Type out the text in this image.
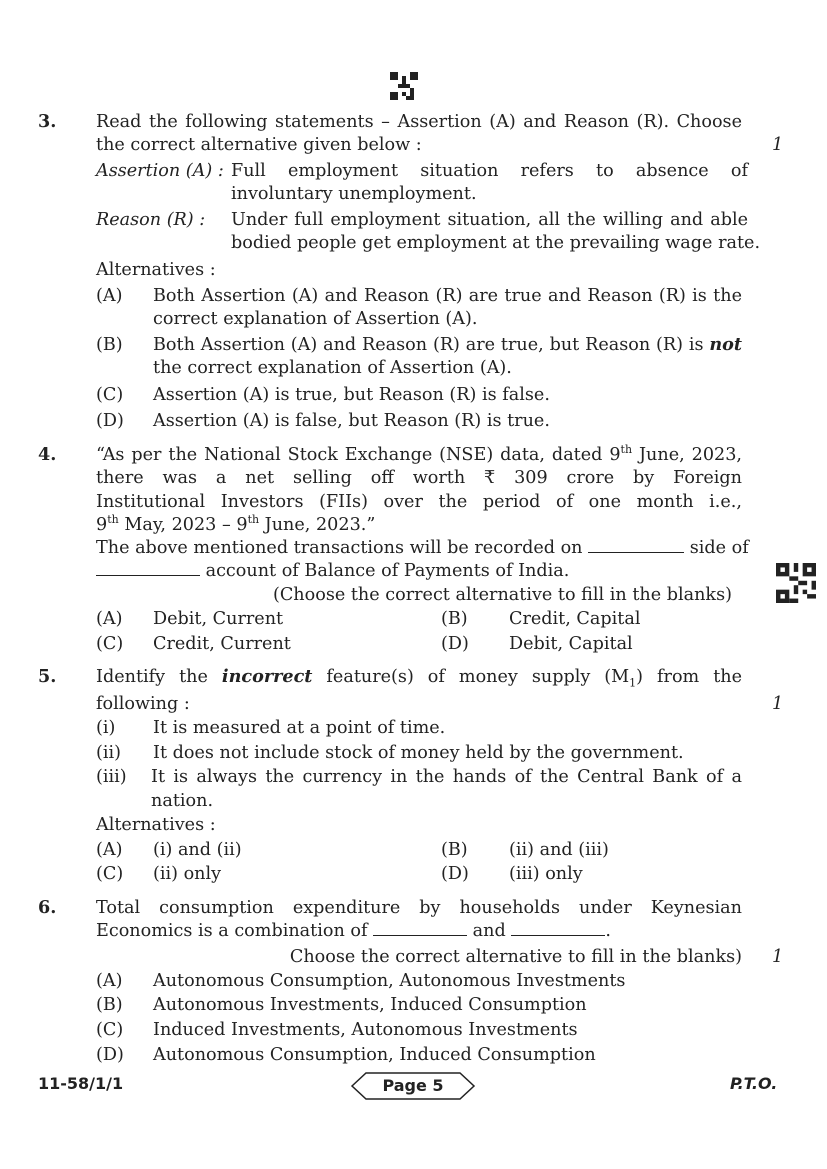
3. Read the following statements – Assertion (A) and Reason (R). Choose
the correct alternative given below :	1
Assertion (A) : Full employment situation refers to absence of
involuntary unemployment.
Reason (R) : Under full employment situation, all the willing and able
bodied people get employment at the prevailing wage rate.
Alternatives :
(A) Both Assertion (A) and Reason (R) are true and Reason (R) is the
correct explanation of Assertion (A).
(B) Both Assertion (A) and Reason (R) are true, but Reason (R) is not
the correct explanation of Assertion (A).
(C) Assertion (A) is true, but Reason (R) is false.
(D) Assertion (A) is false, but Reason (R) is true.
4. “As per the National Stock Exchange (NSE) data, dated 9th June, 2023,
there was a net selling off worth ₹ 309 crore by Foreign
Institutional Investors (FIIs) over the period of one month i.e.,
9th May, 2023 – 9th June, 2023.”
The above mentioned transactions will be recorded on	side of
account of Balance of Payments of India.
(Choose the correct alternative to fill in the blanks)
(A) Debit, Current	(B) Credit, Capital
(C) Credit, Current	(D) Debit, Capital
5. Identify the incorrect feature(s) of money supply $(M_1)$ from the
following :	1
(i) It is measured at a point of time.
(ii) It does not include stock of money held by the government.
(iii) It is always the currency in the hands of the Central Bank of a
nation.
Alternatives :
(A) (i) and (ii)	(B) (ii) and (iii)
(C) (ii) only	(D) (iii) only
6. Total consumption expenditure by households under Keynesian
Economics is a combination of	and	.
Choose the correct alternative to fill in the blanks) 1
(A) Autonomous Consumption, Autonomous Investments
(B) Autonomous Investments, Induced Consumption
(C) Induced Investments, Autonomous Investments
(D) Autonomous Consumption, Induced Consumption
11-58/1/1	Page 5	P.T.O.
